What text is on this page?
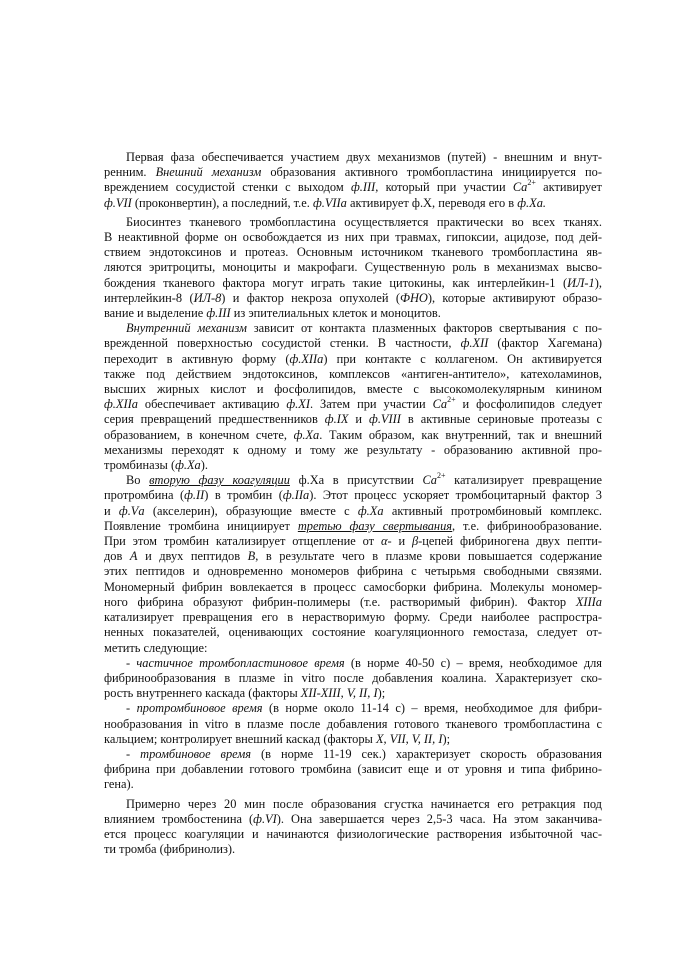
Первая фаза обеспечивается участием двух механизмов (путей) - внешним и внут-
ренним. Внешний механизм образования активного тромбопластина инициируется по-
вреждением сосудистой стенки с выходом ф.III, который при участии $Ca^{2+}$ активирует
ф.VII (проконвертин), а последний, т.е. ф.VIIа активирует ф.Х, переводя его в ф.Ха.
Биосинтез тканевого тромбопластина осуществляется практически во всех тканях.
В неактивной форме он освобождается из них при травмах, гипоксии, ацидозе, под дей-
ствием эндотоксинов и протеаз. Основным источником тканевого тромбопластина яв-
ляются эритроциты, моноциты и макрофаги. Существенную роль в механизмах высво-
бождения тканевого фактора могут играть такие цитокины, как интерлейкин-1 (ИЛ-1),
интерлейкин-8 (ИЛ-8) и фактор некроза опухолей (ФНО), которые активируют образо-
вание и выделение ф.III из эпителиальных клеток и моноцитов.
Внутренний механизм зависит от контакта плазменных факторов свертывания с по-
врежденной поверхностью сосудистой стенки. В частности, ф.XII (фактор Хагемана)
переходит в активную форму (ф.XIIа) при контакте с коллагеном. Он активируется
также под действием эндотоксинов, комплексов «антиген-антитело», катехоламинов,
высших жирных кислот и фосфолипидов, вместе с высокомолекулярным кинином
ф.XIIа обеспечивает активацию ф.XI. Затем при участии $Ca^{2+}$ и фосфолипидов следует
серия превращений предшественников ф.IX и ф.VIII в активные сериновые протеазы с
образованием, в конечном счете, ф.Ха. Таким образом, как внутренний, так и внешний
механизмы переходят к одному и тому же результату - образованию активной про-
тромбиназы (ф.Ха).
Во вторую фазу коагуляции ф.Ха в присутствии $Ca^{2+}$ катализирует превращение
протромбина (ф.II) в тромбин (ф.IIа). Этот процесс ускоряет тромбоцитарный фактор 3
и ф.Vа (акселерин), образующие вместе с ф.Ха активный протромбиновый комплекс.
Появление тромбина инициирует третью фазу свертывания, т.е. фибринообразование.
При этом тромбин катализирует отщепление от α- и β-цепей фибриногена двух пепти-
дов А и двух пептидов В, в результате чего в плазме крови повышается содержание
этих пептидов и одновременно мономеров фибрина с четырьмя свободными связями.
Мономерный фибрин вовлекается в процесс самосборки фибрина. Молекулы мономер-
ного фибрина образуют фибрин-полимеры (т.е. растворимый фибрин). Фактор XIIIа
катализирует превращения его в нерастворимую форму. Среди наиболее распростра-
ненных показателей, оценивающих состояние коагуляционного гемостаза, следует от-
метить следующие:
- частичное тромбопластиновое время (в норме 40-50 с) – время, необходимое для
фибринообразования в плазме in vitro после добавления коалина. Характеризует ско-
рость внутреннего каскада (факторы XII-XIII, V, II, I);
- протромбиновое время (в норме около 11-14 с) – время, необходимое для фибри-
нообразования in vitro в плазме после добавления готового тканевого тромбопластина с
кальцием; контролирует внешний каскад (факторы X, VII, V, II, I);
- тромбиновое время (в норме 11-19 сек.) характеризует скорость образования
фибрина при добавлении готового тромбина (зависит еще и от уровня и типа фибрино-
гена).
Примерно через 20 мин после образования сгустка начинается его ретракция под
влиянием тромбостенина (ф.VI). Она завершается через 2,5-3 часа. На этом заканчива-
ется процесс коагуляции и начинаются физиологические растворения избыточной час-
ти тромба (фибринолиз).
